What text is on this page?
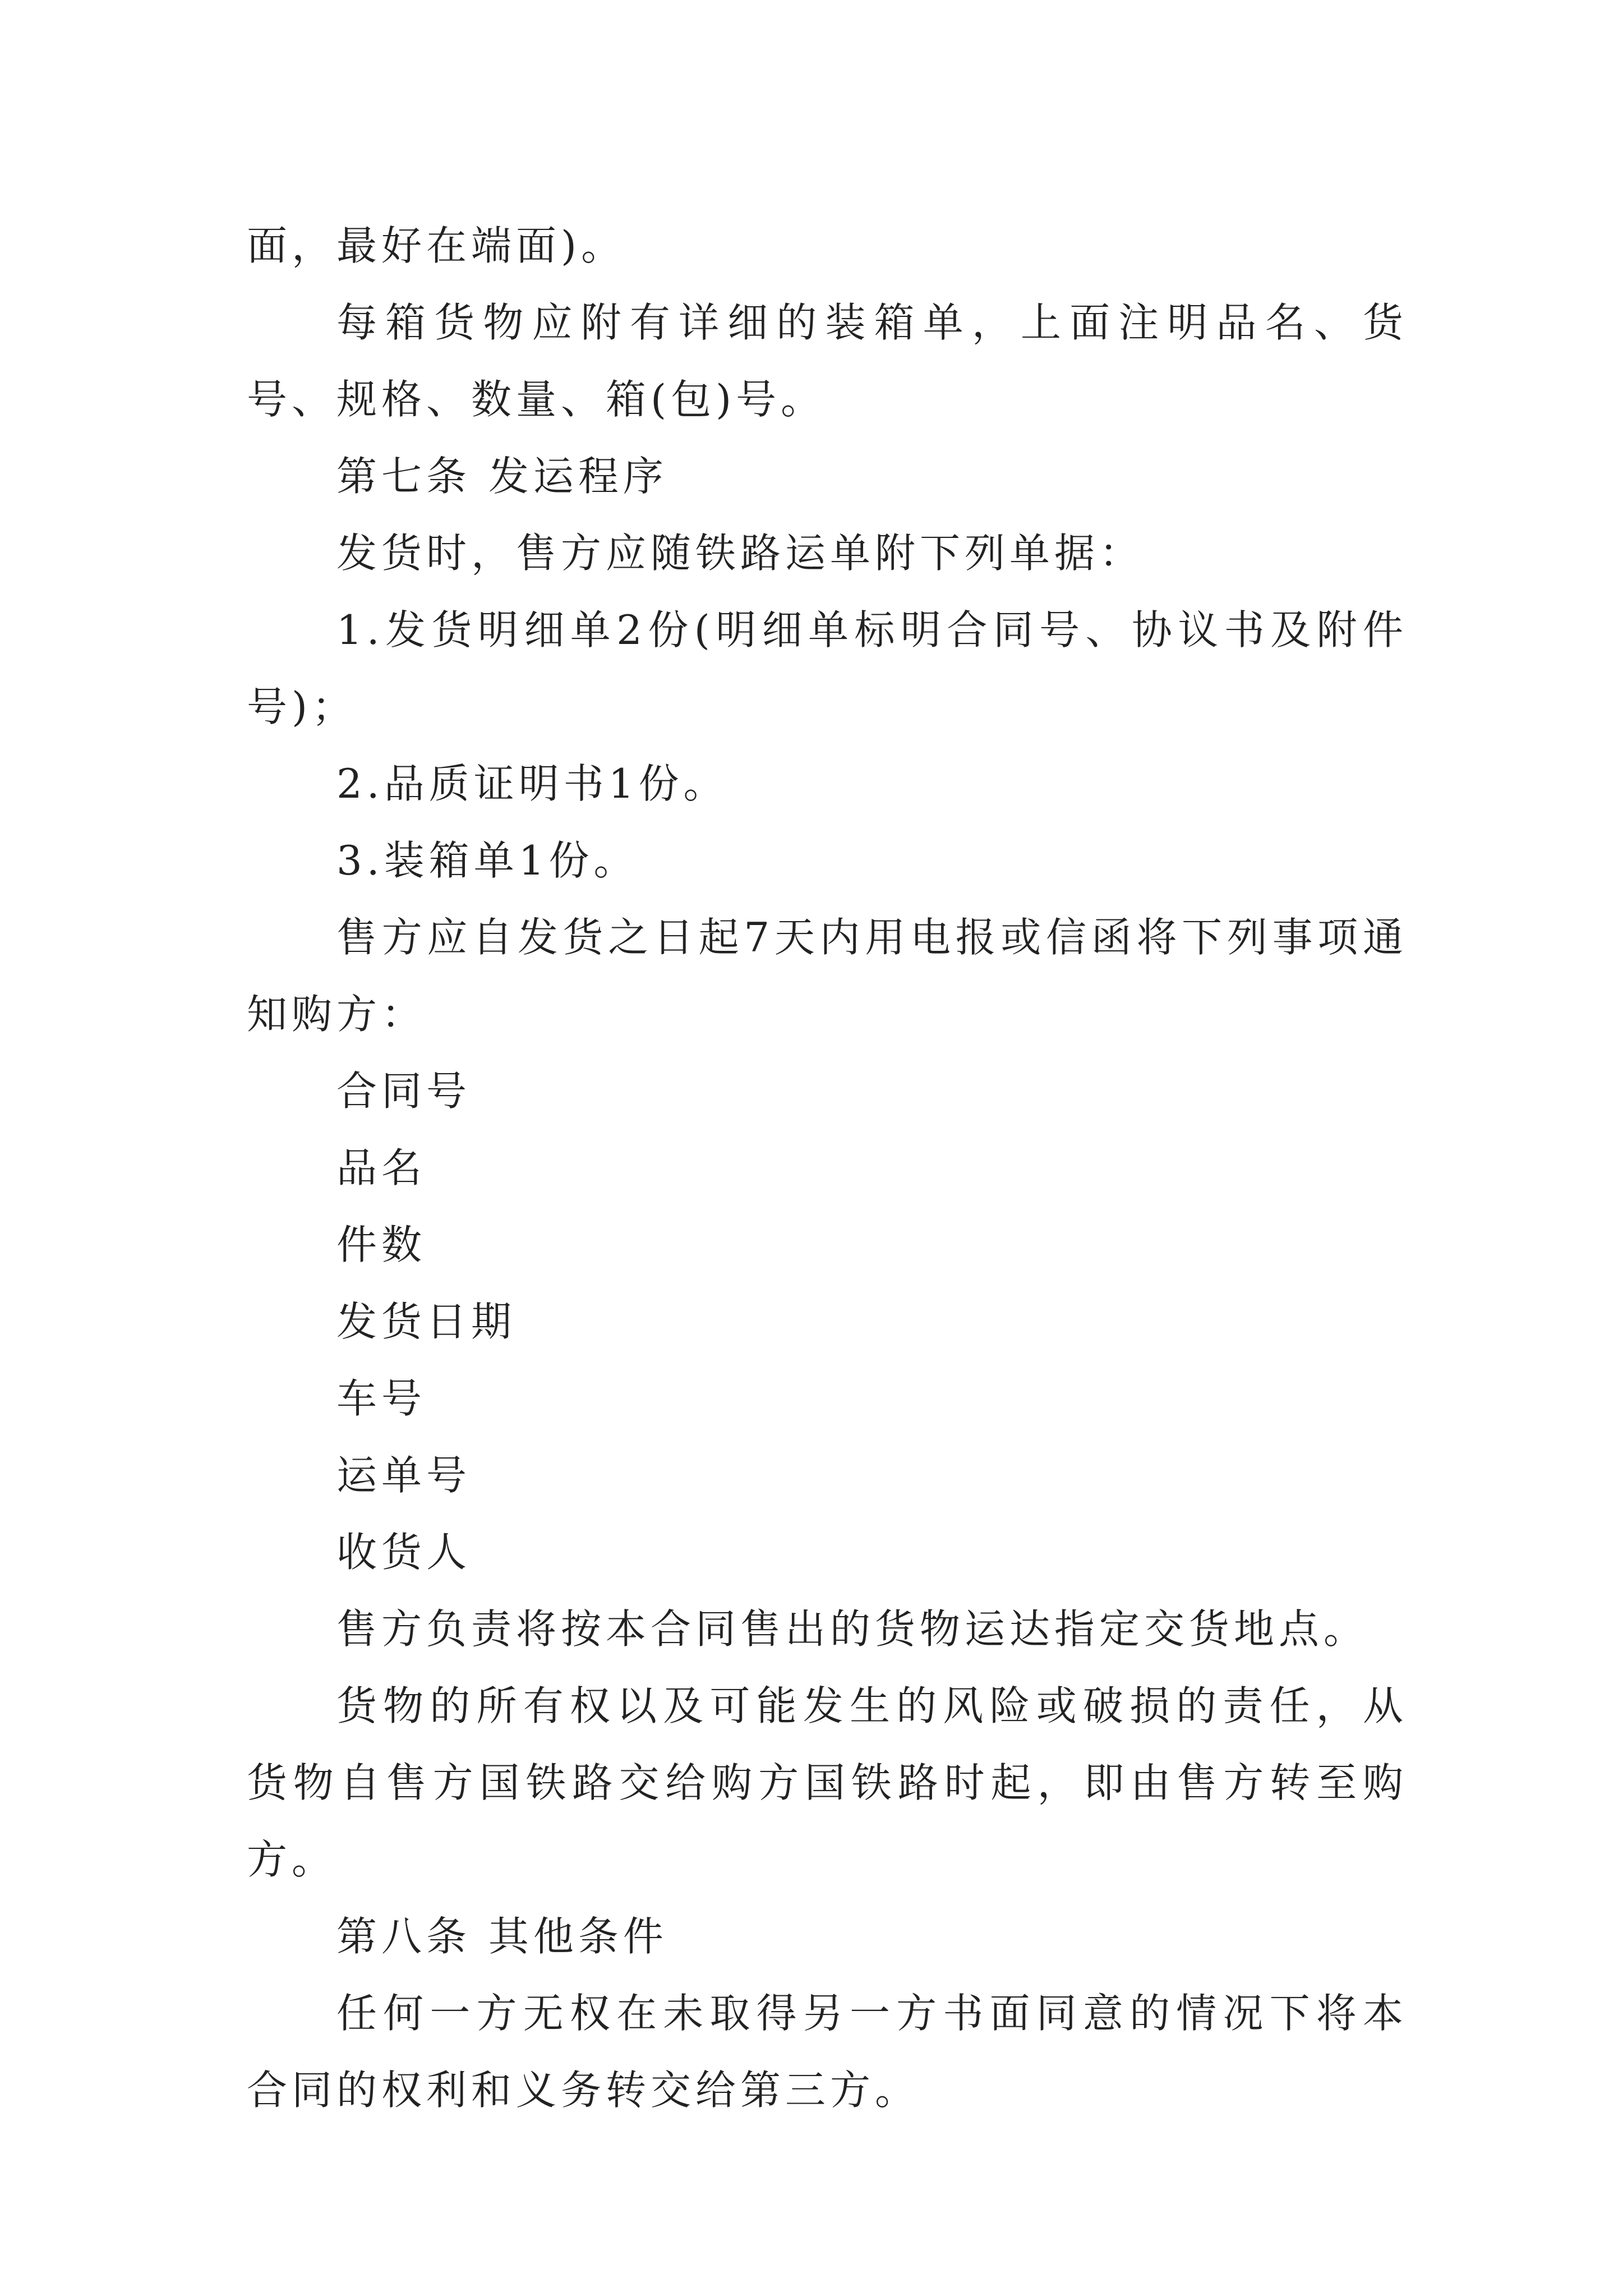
面，最好在端面)。

每箱货物应附有详细的装箱单，上面注明品名、货号、规格、数量、箱(包)号。

第七条 发运程序

发货时，售方应随铁路运单附下列单据：

1.发货明细单2份(明细单标明合同号、协议书及附件号)；

2.品质证明书1份。

3.装箱单1份。

售方应自发货之日起7天内用电报或信函将下列事项通知购方：

合同号

品名

件数

发货日期

车号

运单号

收货人

售方负责将按本合同售出的货物运达指定交货地点。

货物的所有权以及可能发生的风险或破损的责任，从货物自售方国铁路交给购方国铁路时起，即由售方转至购方。

第八条 其他条件

任何一方无权在未取得另一方书面同意的情况下将本合同的权利和义务转交给第三方。
